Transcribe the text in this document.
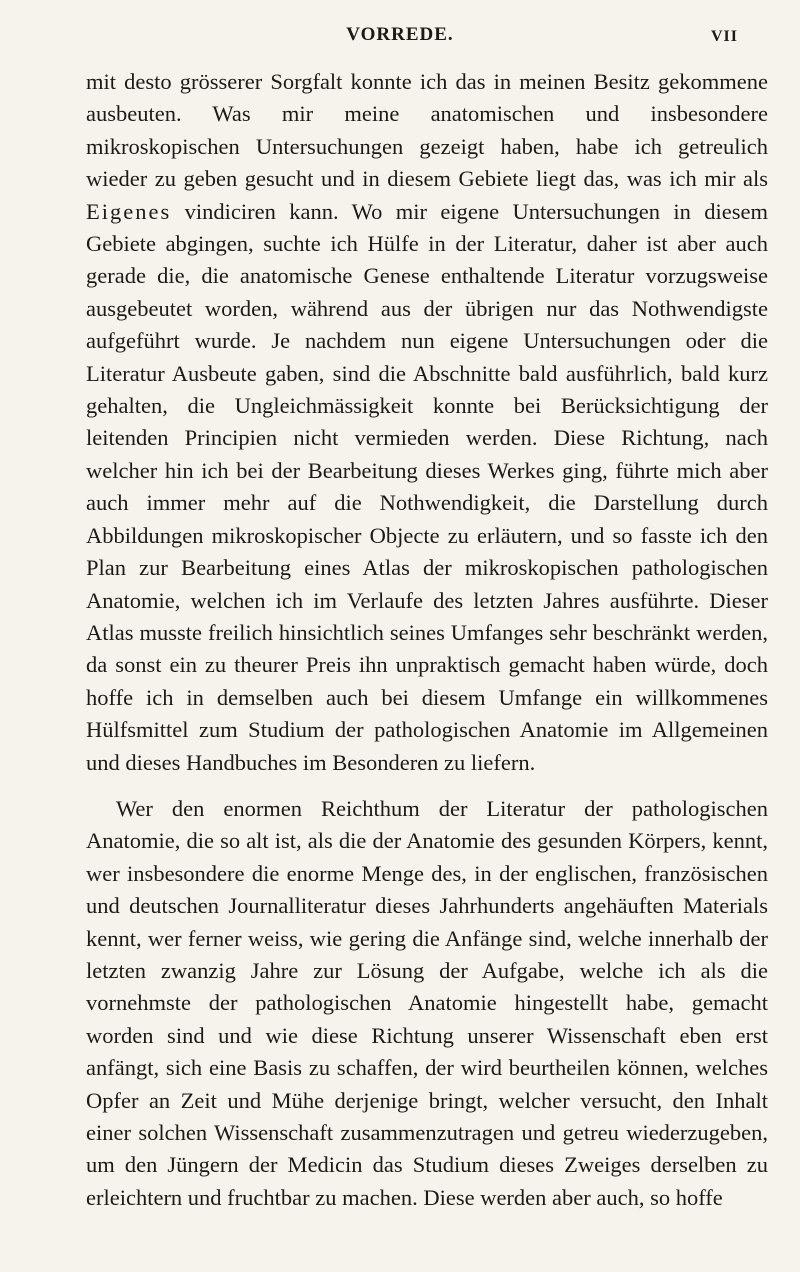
VORREDE.	VII

mit desto grösserer Sorgfalt konnte ich das in meinen Besitz gekommene ausbeuten. Was mir meine anatomischen und insbesondere mikroskopischen Untersuchungen gezeigt haben, habe ich getreulich wieder zu geben gesucht und in diesem Gebiete liegt das, was ich mir als Eigenes vindiciren kann. Wo mir eigene Untersuchungen in diesem Gebiete abgingen, suchte ich Hülfe in der Literatur, daher ist aber auch gerade die, die anatomische Genese enthaltende Literatur vorzugsweise ausgebeutet worden, während aus der übrigen nur das Nothwendigste aufgeführt wurde. Je nachdem nun eigene Untersuchungen oder die Literatur Ausbeute gaben, sind die Abschnitte bald ausführlich, bald kurz gehalten, die Ungleichmässigkeit konnte bei Berücksichtigung der leitenden Principien nicht vermieden werden. Diese Richtung, nach welcher hin ich bei der Bearbeitung dieses Werkes ging, führte mich aber auch immer mehr auf die Nothwendigkeit, die Darstellung durch Abbildungen mikroskopischer Objecte zu erläutern, und so fasste ich den Plan zur Bearbeitung eines Atlas der mikroskopischen pathologischen Anatomie, welchen ich im Verlaufe des letzten Jahres ausführte. Dieser Atlas musste freilich hinsichtlich seines Umfanges sehr beschränkt werden, da sonst ein zu theurer Preis ihn unpraktisch gemacht haben würde, doch hoffe ich in demselben auch bei diesem Umfange ein willkommenes Hülfsmittel zum Studium der pathologischen Anatomie im Allgemeinen und dieses Handbuches im Besonderen zu liefern.

Wer den enormen Reichthum der Literatur der pathologischen Anatomie, die so alt ist, als die der Anatomie des gesunden Körpers, kennt, wer insbesondere die enorme Menge des, in der englischen, französischen und deutschen Journalliteratur dieses Jahrhunderts angehäuften Materials kennt, wer ferner weiss, wie gering die Anfänge sind, welche innerhalb der letzten zwanzig Jahre zur Lösung der Aufgabe, welche ich als die vornehmste der pathologischen Anatomie hingestellt habe, gemacht worden sind und wie diese Richtung unserer Wissenschaft eben erst anfängt, sich eine Basis zu schaffen, der wird beurtheilen können, welches Opfer an Zeit und Mühe derjenige bringt, welcher versucht, den Inhalt einer solchen Wissenschaft zusammenzutragen und getreu wiederzugeben, um den Jüngern der Medicin das Studium dieses Zweiges derselben zu erleichtern und fruchtbar zu machen. Diese werden aber auch, so hoffe
